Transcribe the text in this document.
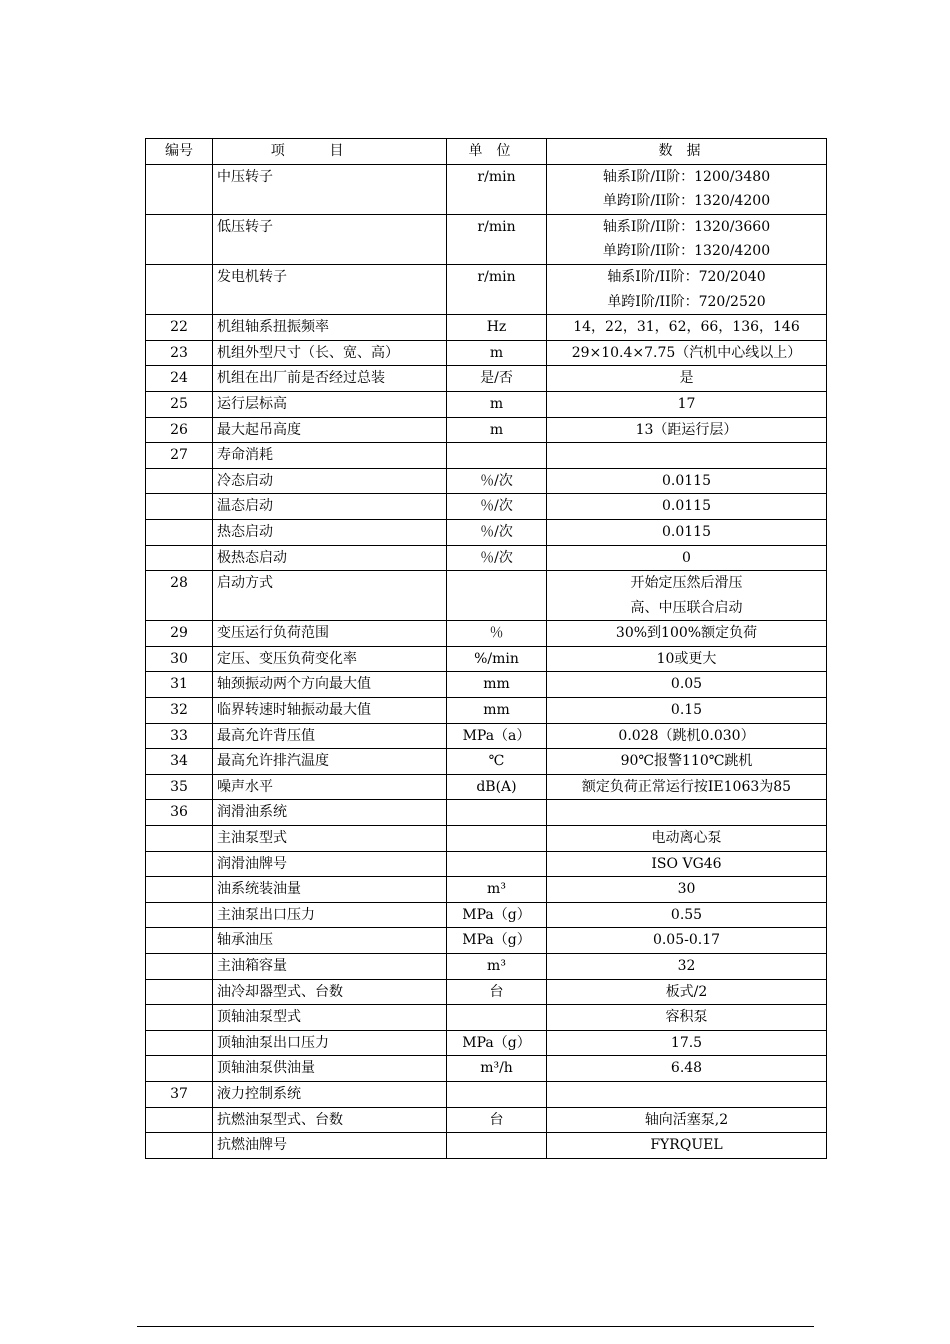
编号	项目	单位	数据
	中压转子	r/min	轴系Ⅰ阶/II阶：1200/3480
单跨Ⅰ阶/II阶：1320/4200

	低压转子	r/min	轴系Ⅰ阶/II阶：1320/3660
单跨Ⅰ阶/II阶：1320/4200

	发电机转子	r/min	轴系Ⅰ阶/II阶：720/2040
单跨Ⅰ阶/II阶：720/2520

22	机组轴系扭振频率	Hz	14，22，31，62，66，136，146

23	机组外型尺寸（长、宽、高）	m	29×10.4×7.75（汽机中心线以上）

24	机组在出厂前是否经过总装	是/否	是

25	运行层标高	m	17

26	最大起吊高度	m	13（距运行层）

27	寿命消耗		

	冷态启动	％/次	0.0115

	温态启动	％/次	0.0115

	热态启动	％/次	0.0115

	极热态启动	％/次	0

28	启动方式		开始定压然后滑压
高、中压联合启动

29	变压运行负荷范围	％	30%到100%额定负荷

30	定压、变压负荷变化率	%/min	10或更大

31	轴颈振动两个方向最大值	mm	0.05

32	临界转速时轴振动最大值	mm	0.15

33	最高允许背压值	MPa（a）	0.028（跳机0.030）

34	最高允许排汽温度	℃	90℃报警110℃跳机

35	噪声水平	dB(A)	额定负荷正常运行按IE1063为85

36	润滑油系统		

	主油泵型式		电动离心泵

	润滑油牌号		ISO VG46

	油系统装油量	m³	30

	主油泵出口压力	MPa（g）	0.55

	轴承油压	MPa（g）	0.05-0.17

	主油箱容量	m³	32

	油冷却器型式、台数	台	板式/2

	顶轴油泵型式		容积泵

	顶轴油泵出口压力	MPa（g）	17.5

	顶轴油泵供油量	m³/h	6.48

37	液力控制系统		

	抗燃油泵型式、台数	台	轴向活塞泵,2

	抗燃油牌号		FYRQUEL
